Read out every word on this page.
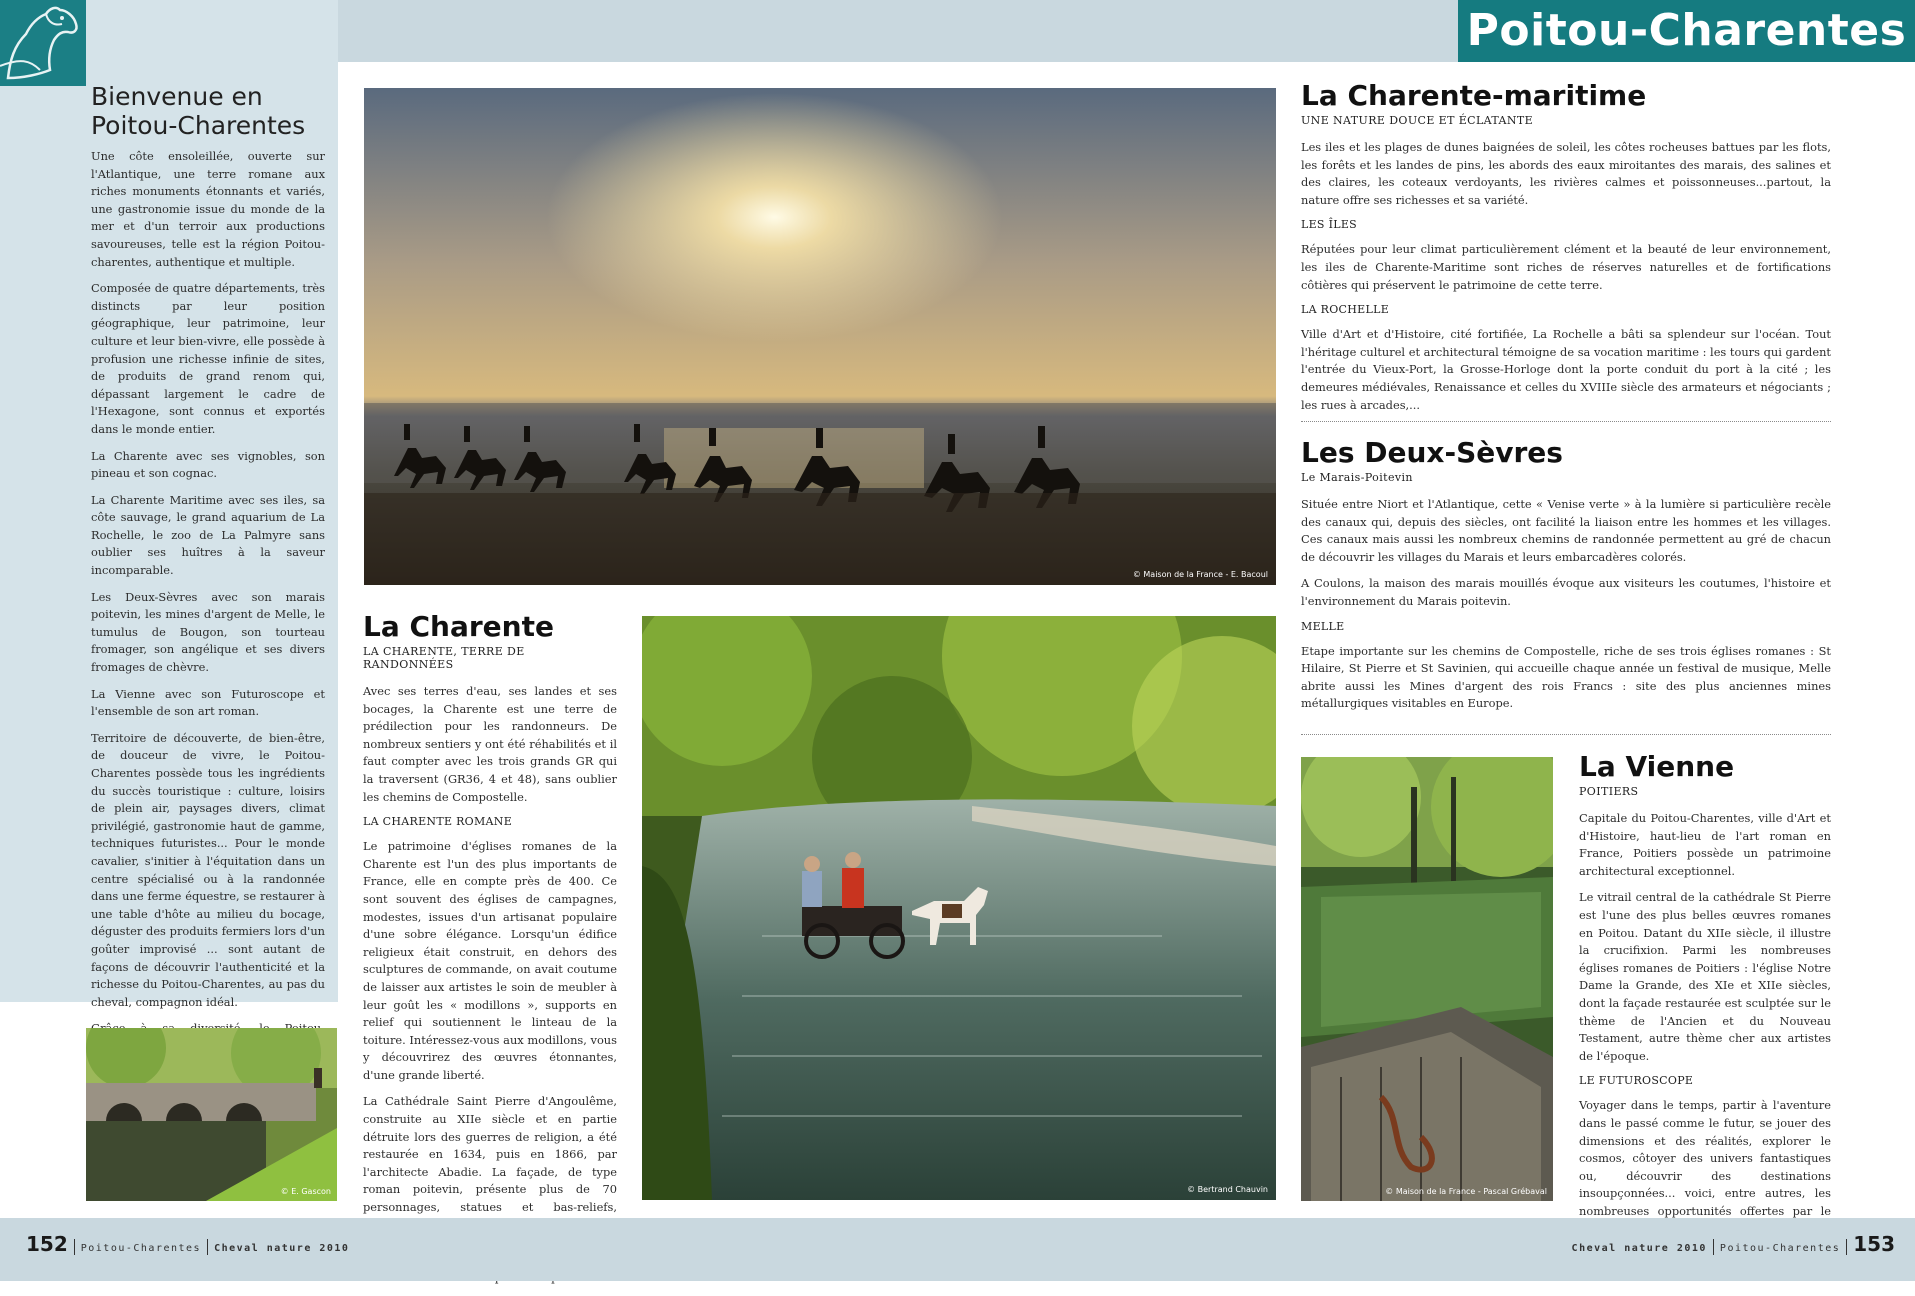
Poitou-Charentes
Bienvenue en Poitou-Charentes

Une côte ensoleillée, ouverte sur l'Atlantique, une terre romane aux riches monuments étonnants et variés, une gastronomie issue du monde de la mer et d'un terroir aux productions savoureuses, telle est la région Poitou-charentes, authentique et multiple.

Composée de quatre départements, très distincts par leur position géographique, leur patrimoine, leur culture et leur bien-vivre, elle possède à profusion une richesse infinie de sites, de produits de grand renom qui, dépassant largement le cadre de l'Hexagone, sont connus et exportés dans le monde entier.

La Charente avec ses vignobles, son pineau et son cognac.

La Charente Maritime avec ses iles, sa côte sauvage, le grand aquarium de La Rochelle, le zoo de La Palmyre sans oublier ses huîtres à la saveur incomparable.

Les Deux-Sèvres avec son marais poitevin, les mines d'argent de Melle, le tumulus de Bougon, son tourteau fromager, son angélique et ses divers fromages de chèvre.

La Vienne avec son Futuroscope et l'ensemble de son art roman.

Territoire de découverte, de bien-être, de douceur de vivre, le Poitou-Charentes possède tous les ingrédients du succès touristique : culture, loisirs de plein air, paysages divers, climat privilégié, gastronomie haut de gamme, techniques futuristes... Pour le monde cavalier, s'initier à l'équitation dans un centre spécialisé ou à la randonnée dans une ferme équestre, se restaurer à une table d'hôte au milieu du bocage, déguster des produits fermiers lors d'un goûter improvisé ... sont autant de façons de découvrir l'authenticité et la richesse du Poitou-Charentes, au pas du cheval, compagnon idéal.

© Maison de la France - E. Bacoul
La Charente
LA CHARENTE, TERRE DE RANDONNÉES

Avec ses terres d'eau, ses landes et ses bocages, la Charente est une terre de prédilection pour les randonneurs. De nombreux sentiers y ont été réhabilités et il faut compter avec les trois grands GR qui la traversent (GR36, 4 et 48), sans oublier les chemins de Compostelle.

LA CHARENTE ROMANE

Le patrimoine d'églises romanes de la Charente est l'un des plus importants de France, elle en compte près de 400. Ce sont souvent des églises de campagnes, modestes, issues d'un artisanat populaire d'une sobre élégance. Lorsqu'un édifice religieux était construit, en dehors des sculptures de commande, on avait coutume de laisser aux artistes le soin de meubler à leur goût les « modillons », supports en relief qui soutiennent le linteau de la toiture. Intéressez-vous aux modillons, vous y découvrirez des œuvres étonnantes, d'une grande liberté.

La Cathédrale Saint Pierre d'Angoulême, construite au XIIe siècle et en partie détruite lors des guerres de religion, a été restaurée en 1634, puis en 1866, par l'architecte Abadie. La façade, de type roman poitevin, présente plus de 70 personnages, statues et bas-reliefs,

© Bertrand Chauvin
© E. Gascon
La Charente-maritime
UNE NATURE DOUCE ET ÉCLATANTE

Les iles et les plages de dunes baignées de soleil, les côtes rocheuses battues par les flots, les forêts et les landes de pins, les abords des eaux miroitantes des marais, des salines et des claires, les coteaux verdoyants, les rivières calmes et poissonneuses...partout, la nature offre ses richesses et sa variété.

LES ÎLES

Réputées pour leur climat particulièrement clément et la beauté de leur environnement, les iles de Charente-Maritime sont riches de réserves naturelles et de fortifications côtières qui préservent le patrimoine de cette terre.

LA ROCHELLE

Ville d'Art et d'Histoire, cité fortifiée, La Rochelle a bâti sa splendeur sur l'océan. Tout l'héritage culturel et architectural témoigne de sa vocation maritime : les tours qui gardent l'entrée du Vieux-Port, la Grosse-Horloge dont la porte conduit du port à la cité ; les demeures médiévales, Renaissance et celles du XVIIIe siècle des armateurs et négociants ; les rues à arcades,...

Les Deux-Sèvres
Le Marais-Poitevin

Située entre Niort et l'Atlantique, cette « Venise verte » à la lumière si particulière recèle des canaux qui, depuis des siècles, ont facilité la liaison entre les hommes et les villages. Ces canaux mais aussi les nombreux chemins de randonnée permettent au gré de chacun de découvrir les villages du Marais et leurs embarcadères colorés.

A Coulons, la maison des marais mouillés évoque aux visiteurs les coutumes, l'histoire et l'environnement du Marais poitevin.

MELLE

Etape importante sur les chemins de Compostelle, riche de ses trois églises romanes : St Hilaire, St Pierre et St Savinien, qui accueille chaque année un festival de musique, Melle abrite aussi les Mines d'argent des rois Francs : site des plus anciennes mines métallurgiques visitables en Europe.

© Maison de la France - Pascal Grébaval
La Vienne
POITIERS

Capitale du Poitou-Charentes, ville d'Art et d'Histoire, haut-lieu de l'art roman en France, Poitiers possède un patrimoine architectural exceptionnel.

Le vitrail central de la cathédrale St Pierre est l'une des plus belles œuvres romanes en Poitou. Datant du XIIe siècle, il illustre la crucifixion. Parmi les nombreuses églises romanes de Poitiers : l'église Notre Dame la Grande, des XIe et XIIe siècles, dont la façade restaurée est sculptée sur le thème de l'Ancien et du Nouveau Testament, autre thème cher aux artistes de l'époque.

LE FUTUROSCOPE

Voyager dans le temps, partir à l'aventure dans le passé comme le futur, se jouer des dimensions et des réalités, explorer le cosmos, côtoyer des univers fantastiques ou, découvrir des destinations insoupçonnées... voici, entre autres, les nombreuses opportunités offertes par le

152 Poitou-Charentes Cheval nature 2010	Cheval nature 2010 Poitou-Charentes 153
